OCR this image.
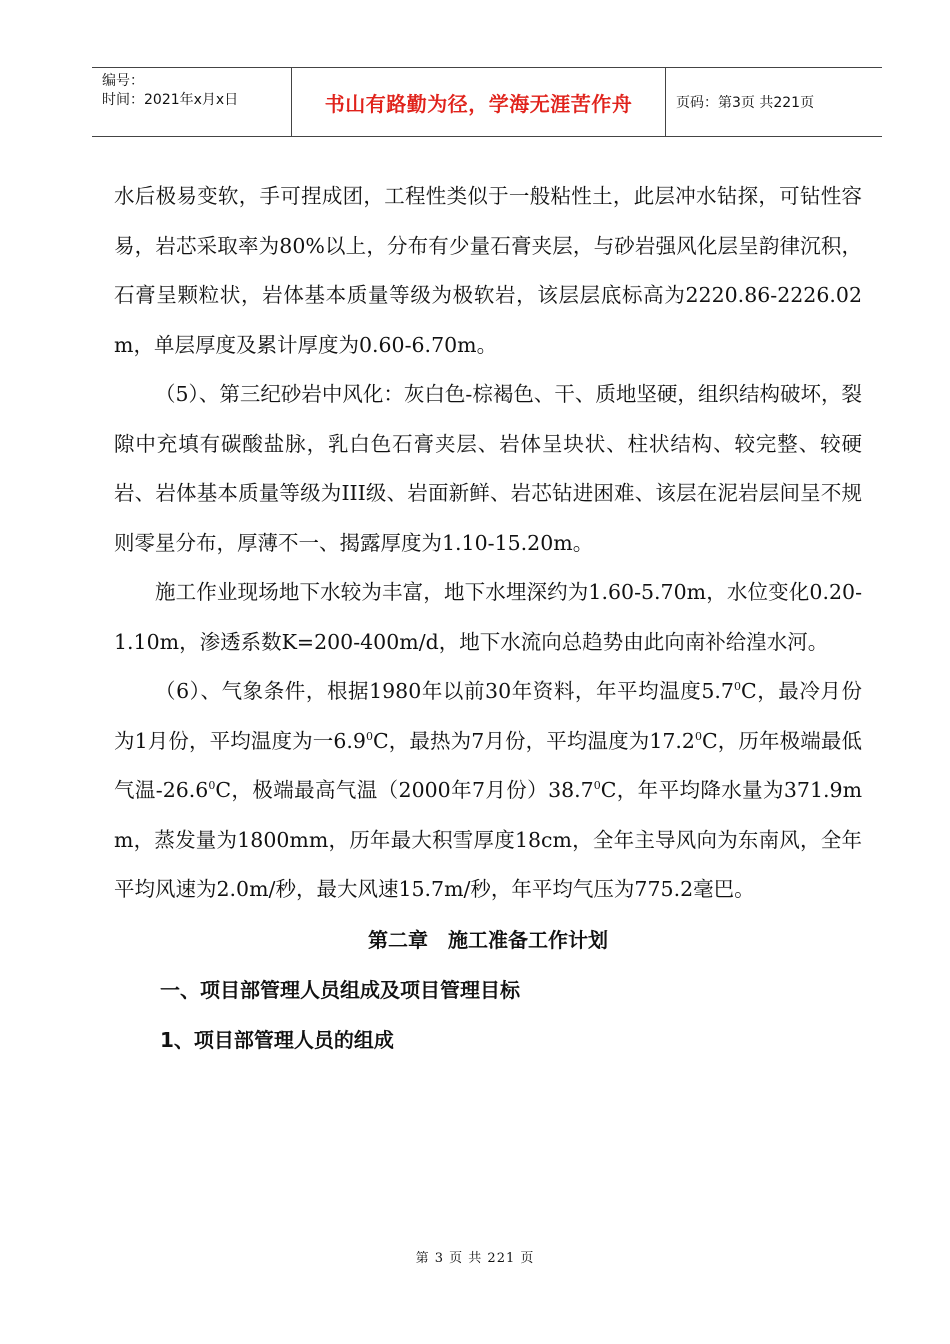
编号：
时间：2021年x月x日	书山有路勤为径，学海无涯苦作舟	页码：第3页 共221页

水后极易变软，手可捏成团，工程性类似于一般粘性土，此层冲水钻探，可钻性容易，岩芯采取率为80%以上，分布有少量石膏夹层，与砂岩强风化层呈韵律沉积，石膏呈颗粒状，岩体基本质量等级为极软岩，该层层底标高为2220.86-2226.02m，单层厚度及累计厚度为0.60-6.70m。

（5）、第三纪砂岩中风化：灰白色-棕褐色、干、质地坚硬，组织结构破坏，裂隙中充填有碳酸盐脉，乳白色石膏夹层、岩体呈块状、柱状结构、较完整、较硬岩、岩体基本质量等级为III级、岩面新鲜、岩芯钻进困难、该层在泥岩层间呈不规则零星分布，厚薄不一、揭露厚度为1.10-15.20m。

施工作业现场地下水较为丰富，地下水埋深约为1.60-5.70m，水位变化0.20-1.10m，渗透系数K=200-400m/d，地下水流向总趋势由此向南补给湟水河。

（6）、气象条件，根据1980年以前30年资料，年平均温度$5.7^0C$，最冷月份为1月份，平均温度为一$6.9^0C$，最热为7月份，平均温度为17.2$^0$C，历年极端最低气温-26.6$^0$C，极端最高气温（2000年7月份）38.7$^0$C，年平均降水量为371.9mm，蒸发量为1800mm，历年最大积雪厚度18cm，全年主导风向为东南风，全年平均风速为2.0m/秒，最大风速15.7m/秒，年平均气压为775.2毫巴。

第二章　施工准备工作计划
一、项目部管理人员组成及项目管理目标
1、项目部管理人员的组成
第 3 页 共 221 页
